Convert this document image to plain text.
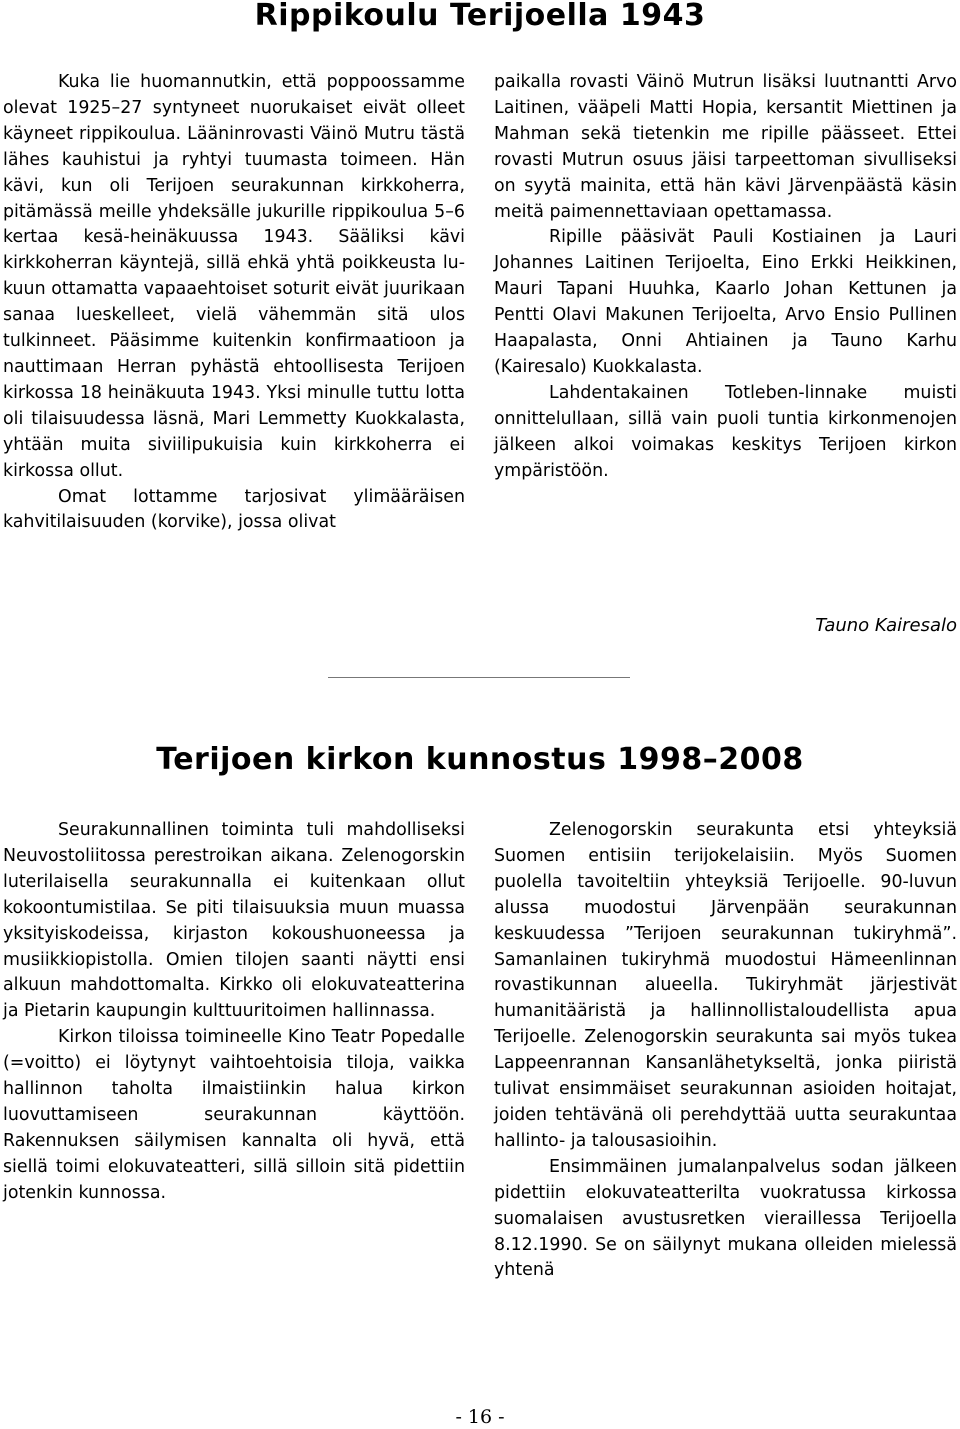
Rippikoulu Terijoella 1943

Kuka lie huomannutkin, että poppoossamme olevat 1925–27 syntyneet nuorukaiset eivät olleet käyneet rippikoulua. Lääninrovasti Väinö Mutru tästä lähes kauhistui ja ryhtyi tuumasta toimeen. Hän kävi, kun oli Terijoen seurakunnan kirkkoherra, pitämässä meille yhdeksälle jukurille rippikoulua 5–6 kertaa kesä-heinäkuussa 1943. Sääliksi kävi kirkkoherran käyntejä, sillä ehkä yhtä poikkeusta lukuun ottamatta vapaaehtoiset soturit eivät juurikaan sanaa lueskelleet, vielä vähemmän sitä ulos tulkinneet. Pääsimme kuitenkin konfirmaatioon ja nauttimaan Herran pyhästä ehtoollisesta Terijoen kirkossa 18 heinäkuuta 1943. Yksi minulle tuttu lotta oli tilaisuudessa läsnä, Mari Lemmetty Kuokkalasta, yhtään muita siviilipukuisia kuin kirkkoherra ei kirkossa ollut.

Omat lottamme tarjosivat ylimääräisen kahvitilaisuuden (korvike), jossa olivat

paikalla rovasti Väinö Mutrun lisäksi luutnantti Arvo Laitinen, vääpeli Matti Hopia, kersantit Miettinen ja Mahman sekä tietenkin me ripille päässeet. Ettei rovasti Mutrun osuus jäisi tarpeettoman sivulliseksi on syytä mainita, että hän kävi Järvenpäästä käsin meitä paimennettaviaan opettamassa.

Ripille pääsivät Pauli Kostiainen ja Lauri Johannes Laitinen Terijoelta, Eino Erkki Heikkinen, Mauri Tapani Huuhka, Kaarlo Johan Kettunen ja Pentti Olavi Makunen Terijoelta, Arvo Ensio Pullinen Haapalasta, Onni Ahtiainen ja Tauno Karhu (Kairesalo) Kuokkalasta.

Lahdentakainen Totleben-linnake muisti onnittelullaan, sillä vain puoli tuntia kirkonmenojen jälkeen alkoi voimakas keskitys Terijoen kirkon ympäristöön.

Tauno Kairesalo
Terijoen kirkon kunnostus 1998–2008

Seurakunnallinen toiminta tuli mahdolliseksi Neuvostoliitossa perestroikan aikana. Zelenogorskin luterilaisella seurakunnalla ei kuitenkaan ollut kokoontumistilaa. Se piti tilaisuuksia muun muassa yksityiskodeissa, kirjaston kokoushuoneessa ja musiikkiopistolla. Omien tilojen saanti näytti ensi alkuun mahdottomalta. Kirkko oli elokuvateatterina ja Pietarin kaupungin kulttuuritoimen hallinnassa.

Kirkon tiloissa toimineelle Kino Teatr Popedalle (=voitto) ei löytynyt vaihtoehtoisia tiloja, vaikka hallinnon taholta ilmaistiinkin halua kirkon luovuttamiseen seurakunnan käyttöön. Rakennuksen säilymisen kannalta oli hyvä, että siellä toimi elokuvateatteri, sillä silloin sitä pidettiin jotenkin kunnossa.

Zelenogorskin seurakunta etsi yhteyksiä Suomen entisiin terijokelaisiin. Myös Suomen puolella tavoiteltiin yhteyksiä Terijoelle. 90-luvun alussa muodostui Järvenpään seurakunnan keskuudessa ”Terijoen seurakunnan tukiryhmä”. Samanlainen tukiryhmä muodostui Hämeenlinnan rovastikunnan alueella. Tukiryhmät järjestivät humanitääristä ja hallinnollistaloudellista apua Terijoelle. Zelenogorskin seurakunta sai myös tukea Lappeenrannan Kansanlähetykseltä, jonka piiristä tulivat ensimmäiset seurakunnan asioiden hoitajat, joiden tehtävänä oli perehdyttää uutta seurakuntaa hallinto- ja talousasioihin.

Ensimmäinen jumalanpalvelus sodan jälkeen pidettiin elokuvateatterilta vuokratussa kirkossa suomalaisen avustusretken vieraillessa Terijoella 8.12.1990. Se on säilynyt mukana olleiden mielessä yhtenä

- 16 -
